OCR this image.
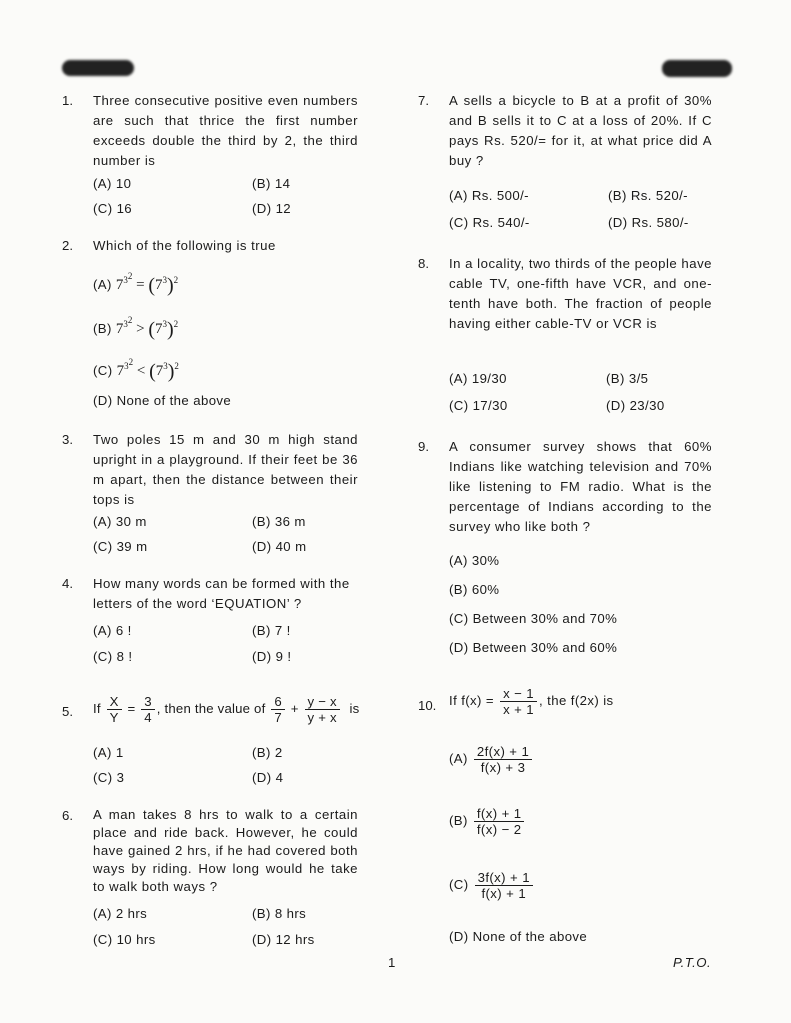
1. Three consecutive positive even numbers are such that thrice the first number exceeds double the third by 2, the third number is
(A) 10	(B) 14
(C) 16	(D) 12
2. Which of the following is true
(A) $7^{3^2} = (7^3)^2$
(B) $7^{3^2} > (7^3)^2$
(C) $7^{3^2} < (7^3)^2$
(D) None of the above
3. Two poles 15 m and 30 m high stand upright in a playground. If their feet be 36 m apart, then the distance between their tops is
(A) 30 m	(B) 36 m
(C) 39 m	(D) 40 m
4. How many words can be formed with the letters of the word ‘EQUATION’ ?
(A) 6 !	(B) 7 !
(C) 8 !	(D) 9 !
5. If $\frac{X}{Y} = \frac{3}{4}$ , then the value of $\frac{6}{7} + \frac{y - x}{y + x}$ is
(A) 1	(B) 2
(C) 3	(D) 4
6. A man takes 8 hrs to walk to a certain place and ride back. However, he could have gained 2 hrs, if he had covered both ways by riding. How long would he take to walk both ways ?
(A) 2 hrs	(B) 8 hrs
(C) 10 hrs	(D) 12 hrs
7. A sells a bicycle to B at a profit of 30% and B sells it to C at a loss of 20%. If C pays Rs. 520/= for it, at what price did A buy ?
(A) Rs. 500/-	(B) Rs. 520/-
(C) Rs. 540/-	(D) Rs. 580/-
8. In a locality, two thirds of the people have cable TV, one-fifth have VCR, and one-tenth have both. The fraction of people having either cable-TV or VCR is
(A) 19/30	(B) 3/5
(C) 17/30	(D) 23/30
9. A consumer survey shows that 60% Indians like watching television and 70% like listening to FM radio. What is the percentage of Indians according to the survey who like both ?
(A) 30%
(B) 60%
(C) Between 30% and 70%
(D) Between 30% and 60%
10. If $f(x) = \frac{x - 1}{x + 1}$ , the f(2x) is
$(A) \frac{2f(x) + 1}{f(x) + 3}$
$(B) \frac{f(x) + 1}{f(x) - 2}$
$(C) \frac{3f(x) + 1}{f(x) + 1}$
(D) None of the above
1	P.T.O.
